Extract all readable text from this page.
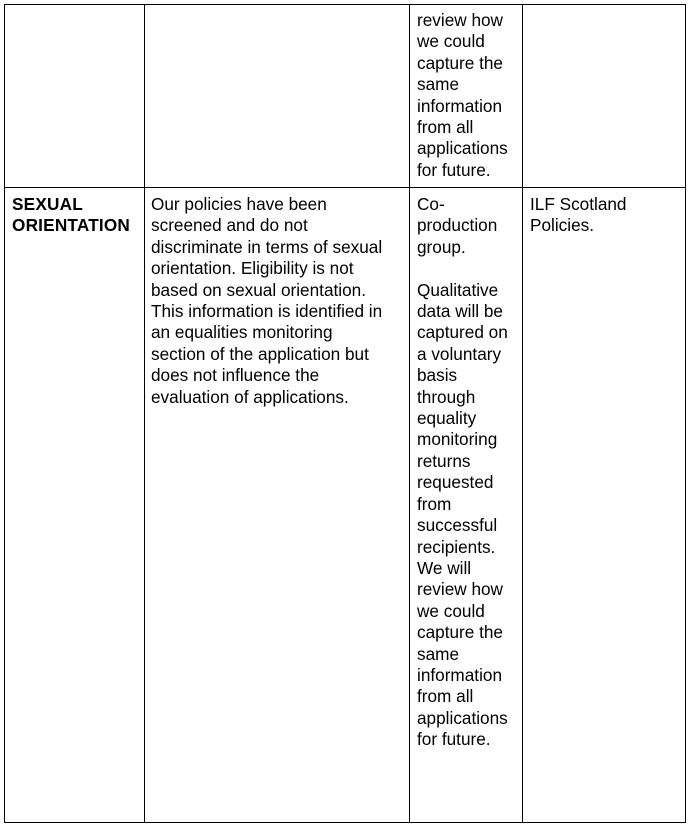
review how
we could
capture the
same
information
from all
applications
for future.
SEXUAL
ORIENTATION
Our policies have been
screened and do not
discriminate in terms of sexual
orientation. Eligibility is not
based on sexual orientation.
This information is identified in
an equalities monitoring
section of the application but
does not influence the
evaluation of applications.
Co-
production
group.

Qualitative
data will be
captured on
a voluntary
basis
through
equality
monitoring
returns
requested
from
successful
recipients.
We will
review how
we could
capture the
same
information
from all
applications
for future.
ILF Scotland
Policies.
